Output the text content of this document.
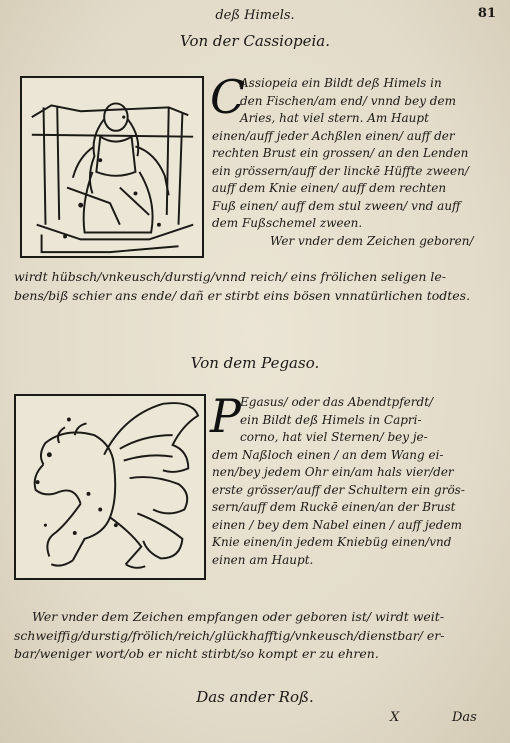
deß Himels.	81
Von der Cassiopeia.
C
Assiopeia ein Bildt deß Himels in
den Fischen/am end/ vnnd bey dem
Aries, hat viel stern. Am Haupt
einen/auff jeder Achßlen einen/ auff der
rechten Brust ein grossen/ an den Lenden
ein grössern/auff der linckē Hüffte zween/
auff dem Knie einen/ auff dem rechten
Fuß einen/ auff dem stul zween/ vnd auff
dem Fußschemel zween.
Wer vnder dem Zeichen geboren/
wirdt hübsch/vnkeusch/durstig/vnnd reich/ eins frölichen seligen le-
bens/biß schier ans ende/ dañ er stirbt eins bösen vnnatürlichen todtes.
Von dem Pegaso.
P Egasus/ oder das Abendtpferdt/
ein Bildt deß Himels in Capri-
corno, hat viel Sternen/ bey je-
dem Naßloch einen / an dem Wang ei-
nen/bey jedem Ohr ein/am hals vier/der
erste grösser/auff der Schultern ein grös-
sern/auff dem Ruckē einen/an der Brust
einen / bey dem Nabel einen / auff jedem
Knie einen/in jedem Kniebüg einen/vnd
einen am Haupt.
Wer vnder dem Zeichen empfangen oder geboren ist/ wirdt weit-
schweiffig/durstig/frölich/reich/glückhafftig/vnkeusch/dienstbar/ er-
bar/weniger wort/ob er nicht stirbt/so kompt er zu ehren.
Das ander Roß.
X	Das
